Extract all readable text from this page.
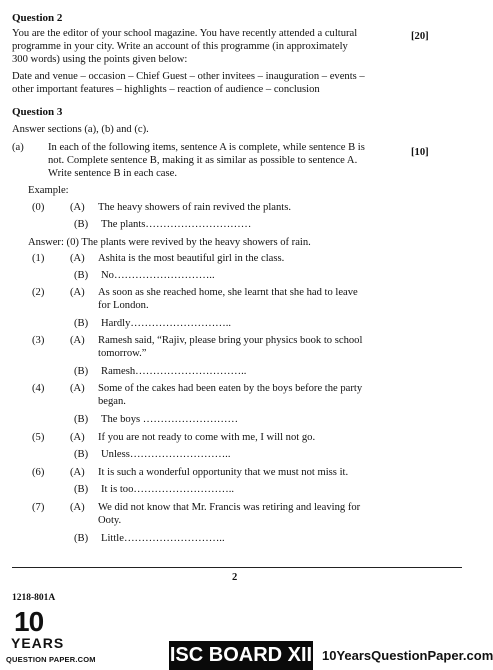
Question 2
You are the editor of your school magazine. You have recently attended a cultural	[20]
programme in your city. Write an account of this programme (in approximately
300 words) using the points given below:
Date and venue – occasion – Chief Guest – other invitees – inauguration – events –
other important features – highlights – reaction of audience – conclusion
Question 3
Answer sections (a), (b) and (c).
(a) In each of the following items, sentence A is complete, while sentence B is	[10]
not. Complete sentence B, making it as similar as possible to sentence A.
Write sentence B in each case.
Example:
(0) (A) The heavy showers of rain revived the plants.
(B) The plants…………………………
Answer: (0) The plants were revived by the heavy showers of rain.
(1) (A) Ashita is the most beautiful girl in the class.
(B) No………………………..
(2) (A) As soon as she reached home, she learnt that she had to leave
for London.
(B) Hardly………………………..
(3) (A) Ramesh said, “Rajiv, please bring your physics book to school
tomorrow.”
(B) Ramesh…………………………..
(4) (A) Some of the cakes had been eaten by the boys before the party
began.
(B) The boys ………………………
(5) (A) If you are not ready to come with me, I will not go.
(B) Unless………………………..
(6) (A) It is such a wonderful opportunity that we must not miss it.
(B) It is too………………………..
(7) (A) We did not know that Mr. Francis was retiring and leaving for
Ooty.
(B) Little………………………..
2
1218-801A
10
YEARS
QUESTION PAPER.COM	ISC BOARD XII 10YearsQuestionPaper.com
